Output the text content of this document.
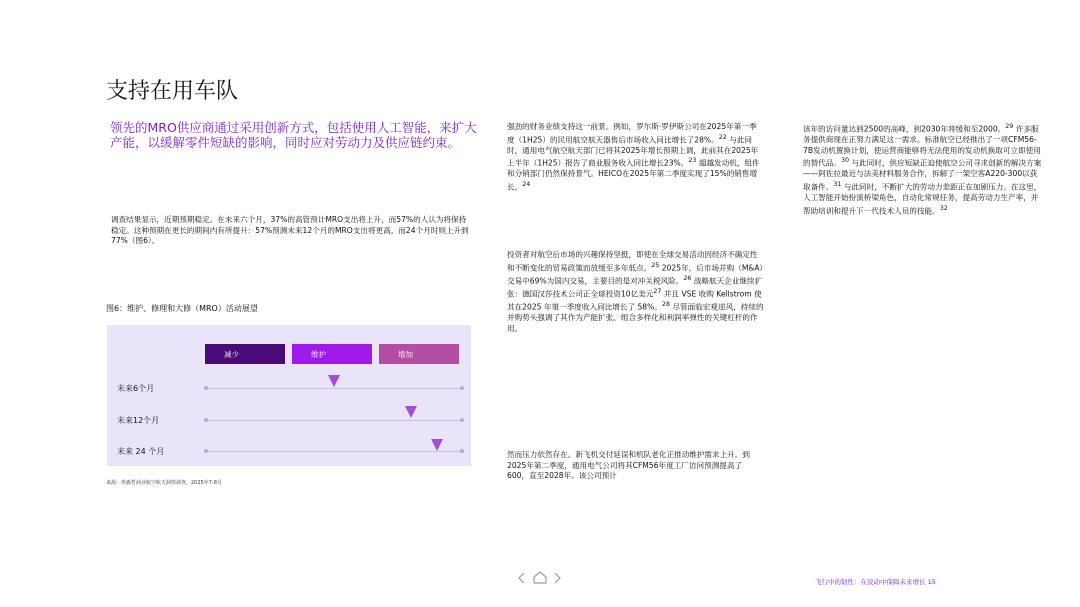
支持在用车队
领先的MRO供应商通过采用创新方式，包括使用人工智能，来扩大产能，以缓解零件短缺的影响，同时应对劳动力及供应链约束。
调查结果显示，近期预期稳定。在未来六个月，37%的高管预计MRO支出将上升，而57%的人认为将保持稳定。这种预期在更长的期间内有所提升：57%预测未来12个月的MRO支出将更高，而24个月时则上升到77%（图6）。
图6：维护、修理和大修（MRO）活动展望
减少	维护	增加
未来6个月
未来12个月
未来 24 个月
来源：埃森哲商业航空航天洞察调查，2025年7-8月
强劲的财务业绩支持这一前景。例如，罗尔斯·罗伊斯公司在2025年第一季度（1H25）的民用航空航天器售后市场收入同比增长了28%。$^{22}$ 与此同时，通用电气航空航天部门已将其2025年增长预期上调，此前其在2025年上半年（1H25）报告了商业服务收入同比增长23%。$^{23}$ 超越发动机，组件和分销部门仍然保持景气。HEICO在2025年第二季度实现了15%的销售增长。$^{24}$
投资者对航空后市场的兴趣保持坚挺，即使在全球交易活动因经济不确定性和不断变化的贸易政策而放缓至多年低点。$^{25}$ 2025年，后市场并购（M&A）交易中69%为国内交易，主要目的是对冲关税风险。$^{26}$ 战略航天企业继续扩张：德国汉莎技术公司正全球投资10亿美元$^{27}$ 并且 VSE 收购 Kellstrom 使其在2025 年第一季度收入同比增长了 58%。$^{28}$ 尽管面临宏观逆风，持续的并购势头强调了其作为产能扩张、组合多样化和利润率弹性的关键杠杆的作用。
然而压力依然存在。新飞机交付延误和机队老化正推动维护需求上升。到2025年第二季度，通用电气公司将其CFM56年度工厂访问预测提高了600，直至2028年。该公司预计
该年的访问量达到2500的高峰，到2030年将缓和至2000。$^{29}$ 许多服务提供商现在正努力满足这一需求。标准航空已经推出了一项CFM56-7B发动机置换计划，使运营商能够将无法使用的发动机换取可立即使用的替代品。$^{30}$ 与此同时，供应短缺正迫使航空公司寻求创新的解决方案——阿佐拉最近与法美材料服务合作，拆解了一架空客A220-300以获取备件。$^{31}$ 与此同时，不断扩大的劳动力差距正在加剧压力。在这里，人工智能开始扮演桥梁角色，自动化常规任务，提高劳动力生产率，并帮助培训和提升下一代技术人员的技能。$^{32}$
飞行中的韧性：在波动中保障未来增长 15
